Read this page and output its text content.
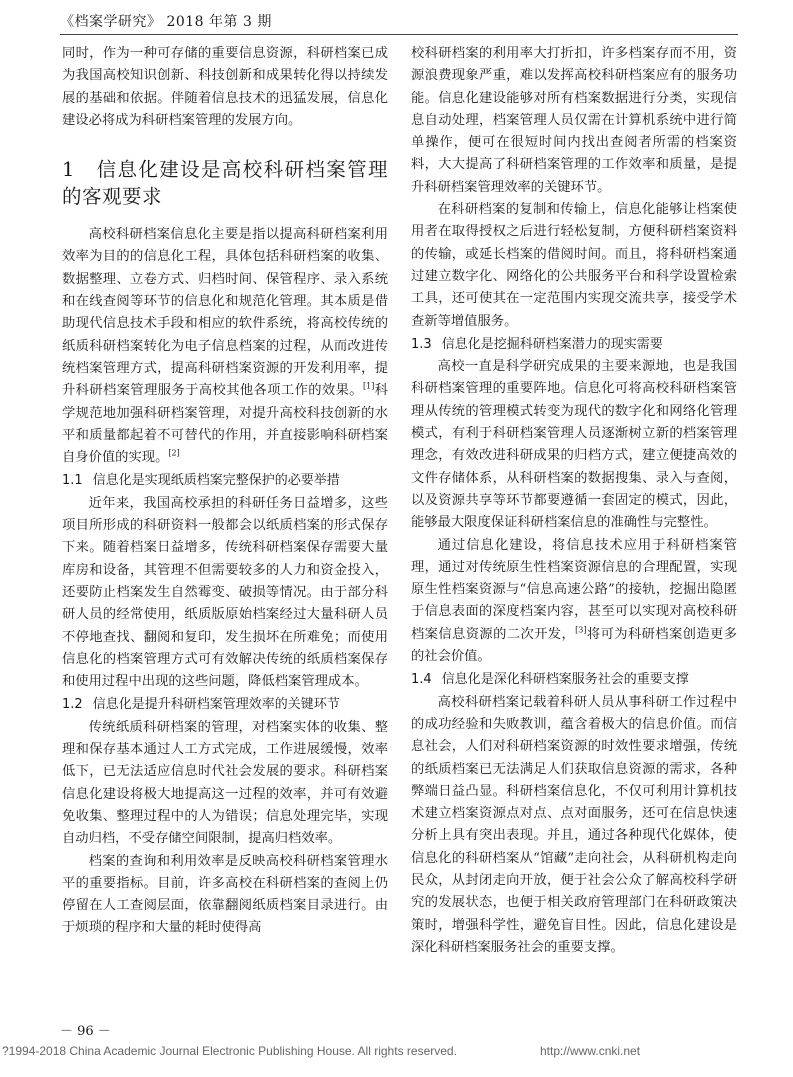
《档案学研究》 2018 年第 3 期

同时，作为一种可存储的重要信息资源，科研档案已成为我国高校知识创新、科技创新和成果转化得以持续发展的基础和依据。伴随着信息技术的迅猛发展，信息化建设必将成为科研档案管理的发展方向。

1　信息化建设是高校科研档案管理的客观要求

高校科研档案信息化主要是指以提高科研档案利用效率为目的的信息化工程，具体包括科研档案的收集、数据整理、立卷方式、归档时间、保管程序、录入系统和在线查阅等环节的信息化和规范化管理。其本质是借助现代信息技术手段和相应的软件系统，将高校传统的纸质科研档案转化为电子信息档案的过程，从而改进传统档案管理方式，提高科研档案资源的开发利用率，提升科研档案管理服务于高校其他各项工作的效果。[1]科学规范地加强科研档案管理，对提升高校科技创新的水平和质量都起着不可替代的作用，并直接影响科研档案自身价值的实现。[2]

1.1 信息化是实现纸质档案完整保护的必要举措

近年来，我国高校承担的科研任务日益增多，这些项目所形成的科研资料一般都会以纸质档案的形式保存下来。随着档案日益增多，传统科研档案保存需要大量库房和设备，其管理不但需要较多的人力和资金投入，还要防止档案发生自然霉变、破损等情况。由于部分科研人员的经常使用，纸质版原始档案经过大量科研人员不停地查找、翻阅和复印，发生损坏在所难免；而使用信息化的档案管理方式可有效解决传统的纸质档案保存和使用过程中出现的这些问题，降低档案管理成本。

1.2 信息化是提升科研档案管理效率的关键环节

传统纸质科研档案的管理，对档案实体的收集、整理和保存基本通过人工方式完成，工作进展缓慢，效率低下，已无法适应信息时代社会发展的要求。科研档案信息化建设将极大地提高这一过程的效率，并可有效避免收集、整理过程中的人为错误；信息处理完毕，实现自动归档，不受存储空间限制，提高归档效率。

档案的查询和利用效率是反映高校科研档案管理水平的重要指标。目前，许多高校在科研档案的查阅上仍停留在人工查阅层面，依靠翻阅纸质档案目录进行。由于烦琐的程序和大量的耗时使得高

校科研档案的利用率大打折扣，许多档案存而不用，资源浪费现象严重，难以发挥高校科研档案应有的服务功能。信息化建设能够对所有档案数据进行分类，实现信息自动处理，档案管理人员仅需在计算机系统中进行简单操作，便可在很短时间内找出查阅者所需的档案资料，大大提高了科研档案管理的工作效率和质量，是提升科研档案管理效率的关键环节。

在科研档案的复制和传输上，信息化能够让档案使用者在取得授权之后进行轻松复制，方便科研档案资料的传输，或延长档案的借阅时间。而且，将科研档案通过建立数字化、网络化的公共服务平台和科学设置检索工具，还可使其在一定范围内实现交流共享，接受学术查新等增值服务。

1.3 信息化是挖掘科研档案潜力的现实需要

高校一直是科学研究成果的主要来源地，也是我国科研档案管理的重要阵地。信息化可将高校科研档案管理从传统的管理模式转变为现代的数字化和网络化管理模式，有利于科研档案管理人员逐渐树立新的档案管理理念，有效改进科研成果的归档方式，建立便捷高效的文件存储体系，从科研档案的数据搜集、录入与查阅，以及资源共享等环节都要遵循一套固定的模式，因此，能够最大限度保证科研档案信息的准确性与完整性。

通过信息化建设，将信息技术应用于科研档案管理，通过对传统原生性档案资源信息的合理配置，实现原生性档案资源与“信息高速公路”的接轨，挖掘出隐匿于信息表面的深度档案内容，甚至可以实现对高校科研档案信息资源的二次开发，[3]将可为科研档案创造更多的社会价值。

1.4 信息化是深化科研档案服务社会的重要支撑

高校科研档案记载着科研人员从事科研工作过程中的成功经验和失败教训，蕴含着极大的信息价值。而信息社会，人们对科研档案资源的时效性要求增强，传统的纸质档案已无法满足人们获取信息资源的需求，各种弊端日益凸显。科研档案信息化，不仅可利用计算机技术建立档案资源点对点、点对面服务，还可在信息快速分析上具有突出表现。并且，通过各种现代化媒体，使信息化的科研档案从“馆藏”走向社会，从科研机构走向民众，从封闭走向开放，便于社会公众了解高校科学研究的发展状态，也便于相关政府管理部门在科研政策决策时，增强科学性，避免盲目性。因此，信息化建设是深化科研档案服务社会的重要支撑。

－ 96 －
?1994-2018 China Academic Journal Electronic Publishing House. All rights reserved.	http://www.cnki.net
